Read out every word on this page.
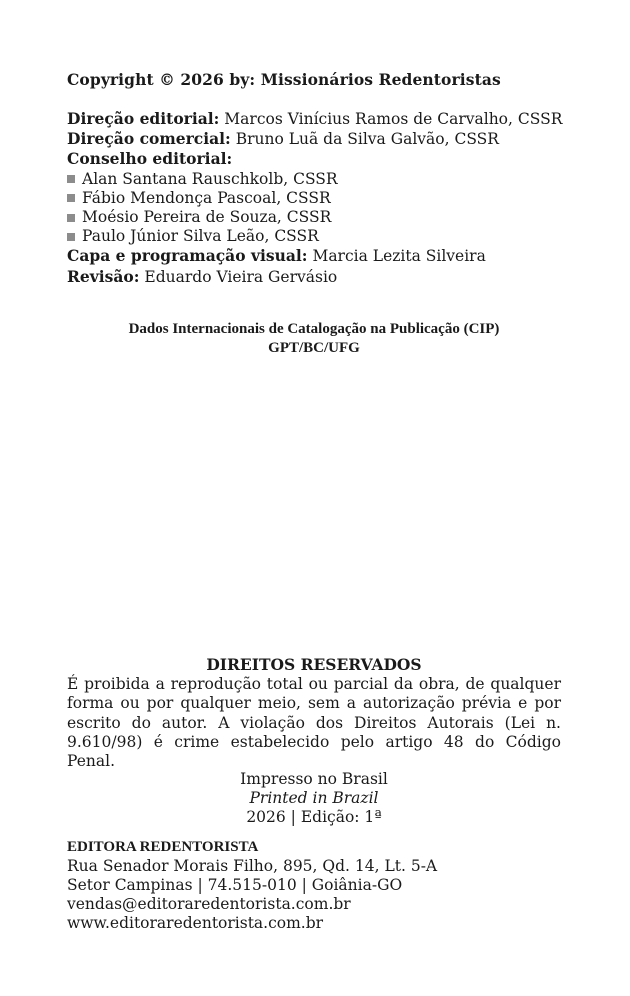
Copyright © 2026 by: Missionários Redentoristas
Direção editorial: Marcos Vinícius Ramos de Carvalho, CSSR
Direção comercial: Bruno Luã da Silva Galvão, CSSR
Conselho editorial:
Alan Santana Rauschkolb, CSSR
Fábio Mendonça Pascoal, CSSR
Moésio Pereira de Souza, CSSR
Paulo Júnior Silva Leão, CSSR
Capa e programação visual: Marcia Lezita Silveira
Revisão: Eduardo Vieira Gervásio
Dados Internacionais de Catalogação na Publicação (CIP)
GPT/BC/UFG
DIREITOS RESERVADOS
É proibida a reprodução total ou parcial da obra, de qualquer forma ou por qualquer meio, sem a autorização prévia e por escrito do autor. A violação dos Direitos Autorais (Lei n. 9.610/98) é crime estabelecido pelo artigo 48 do Código Penal.
Impresso no Brasil
Printed in Brazil
2026 | Edição: 1ª
EDITORA REDENTORISTA
Rua Senador Morais Filho, 895, Qd. 14, Lt. 5-A
Setor Campinas | 74.515-010 | Goiânia-GO
vendas@editoraredentorista.com.br
www.editoraredentorista.com.br
